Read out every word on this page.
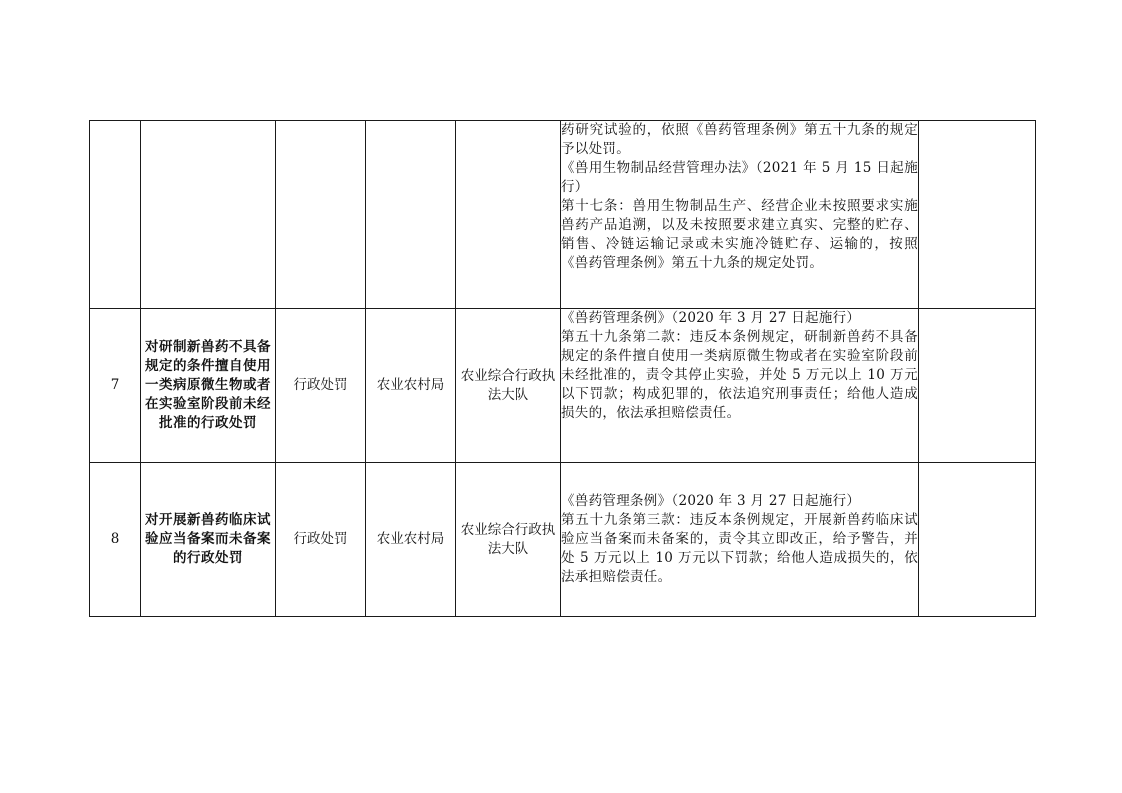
					药研究试验的，依照《兽药管理条例》第五十九条的规定予以处罚。

《兽用生物制品经营管理办法》（2021 年 5 月 15 日起施行）

第十七条：兽用生物制品生产、经营企业未按照要求实施兽药产品追溯，以及未按照要求建立真实、完整的贮存、销售、冷链运输记录或未实施冷链贮存、运输的，按照《兽药管理条例》第五十九条的规定处罚。	

7	对研制新兽药不具备规定的条件擅自使用一类病原微生物或者在实验室阶段前未经批准的行政处罚	行政处罚	农业农村局	农业综合行政执法大队	《兽药管理条例》（2020 年 3 月 27 日起施行）

第五十九条第二款：违反本条例规定，研制新兽药不具备规定的条件擅自使用一类病原微生物或者在实验室阶段前未经批准的，责令其停止实验，并处 5 万元以上 10 万元以下罚款；构成犯罪的，依法追究刑事责任；给他人造成损失的，依法承担赔偿责任。	

8	对开展新兽药临床试验应当备案而未备案的行政处罚	行政处罚	农业农村局	农业综合行政执法大队	《兽药管理条例》（2020 年 3 月 27 日起施行）

第五十九条第三款：违反本条例规定，开展新兽药临床试验应当备案而未备案的，责令其立即改正，给予警告，并处 5 万元以上 10 万元以下罚款；给他人造成损失的，依法承担赔偿责任。	
